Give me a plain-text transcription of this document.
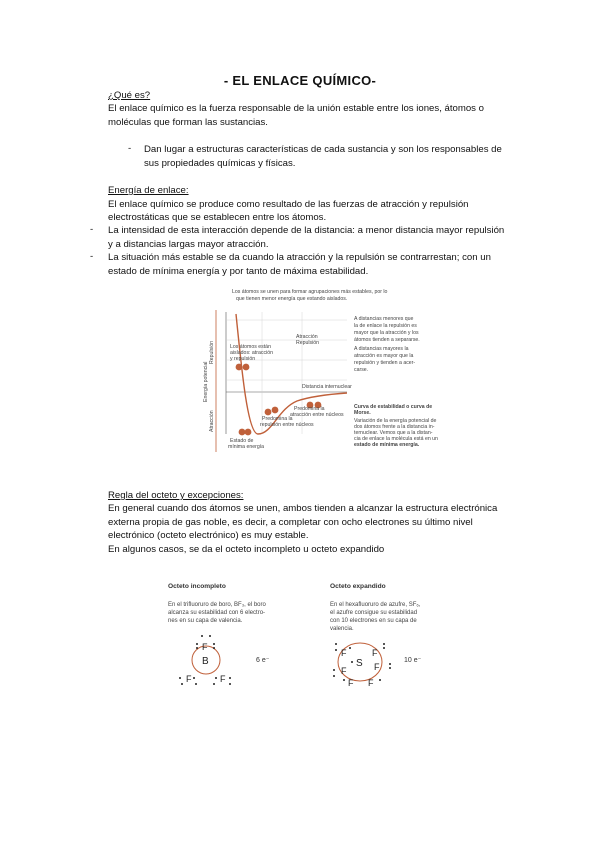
- EL ENLACE QUÍMICO-
¿Qué es?
El enlace químico es la fuerza responsable de la unión estable entre los iones, átomos o
moléculas que forman las sustancias.
- Dan lugar a estructuras características de cada sustancia y son los responsables de
sus propiedades químicas y físicas.
Energía de enlace:
El enlace químico se produce como resultado de las fuerzas de atracción y repulsión
electrostáticas que se establecen entre los átomos.
- La intensidad de esta interacción depende de la distancia: a menor distancia mayor repulsión
y a distancias largas mayor atracción.
- La situación más estable se da cuando la atracción y la repulsión se contrarrestan; con un
estado de mínima energía y por tanto de máxima estabilidad.
Los átomos se unen para formar agrupaciones más estables, por lo
que tienen menor energía que estando aislados.
Energía potencial
Repulsión
Atracción
Los átomos están
aislados: atracción
y repulsión
Atracción
Repulsión
Distancia internuclear
Predomina la
repulsión entre núcleos
Predomina la
atracción entre núcleos
Estado de
mínima energía
A distancias menores que
la de enlace la repulsión es
mayor que la atracción y los
átomos tienden a separarse.
A distancias mayores la
atracción es mayor que la
repulsión y tienden a acer-
carse.
Curva de estabilidad o curva de
Morse.
Variación de la energía potencial de
dos átomos frente a la distancia in-
ternuclear. Vemos que a la distan-
cia de enlace la molécula está en un
estado de mínima energía.
Regla del octeto y excepciones:
En general cuando dos átomos se unen, ambos tienden a alcanzar la estructura electrónica
externa propia de gas noble, es decir, a completar con ocho electrones su último nivel
electrónico (octeto electrónico) es muy estable.
En algunos casos, se da el octeto incompleto u octeto expandido
Octeto incompleto
En el trifluoruro de boro, BF₃, el boro
alcanza su estabilidad con 6 electro-
nes en su capa de valencia.
B
F
F	F
6 e⁻
Octeto expandido
En el hexafluoruro de azufre, SF₆,
el azufre consigue su estabilidad
con 10 electrones en su capa de
valencia.
S
F
F
F
F
F F
10 e⁻
